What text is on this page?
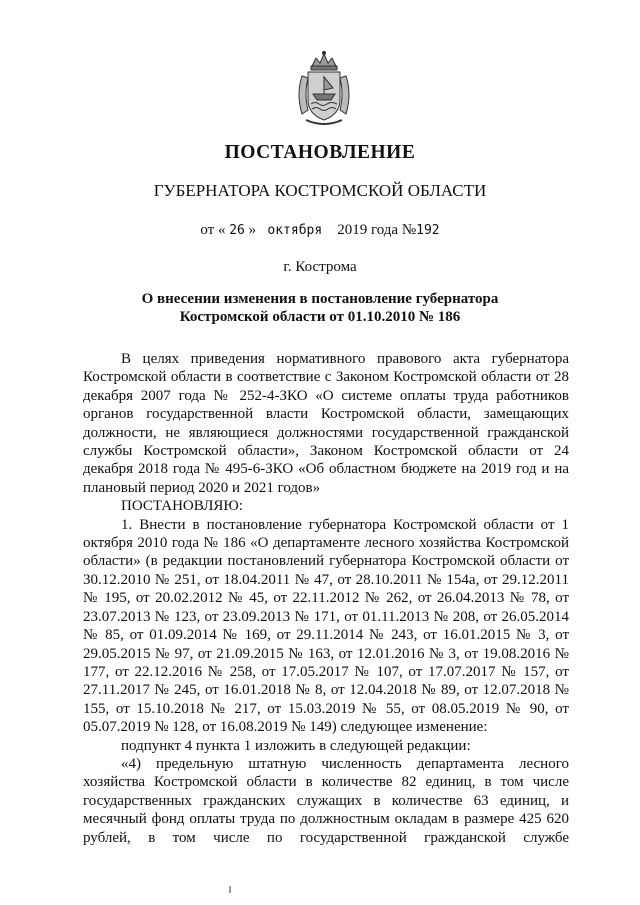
ПОСТАНОВЛЕНИЕ
ГУБЕРНАТОРА КОСТРОМСКОЙ ОБЛАСТИ
от « 26 » октября 2019 года №192
г. Кострома
О внесении изменения в постановление губернатора
Костромской области от 01.10.2010 № 186

В целях приведения нормативного правового акта губернатора Костромской области в соответствие с Законом Костромской области от 28 декабря 2007 года № 252-4-ЗКО «О системе оплаты труда работников органов государственной власти Костромской области, замещающих должности, не являющиеся должностями государственной гражданской службы Костромской области», Законом Костромской области от 24 декабря 2018 года № 495-6-ЗКО «Об областном бюджете на 2019 год и на плановый период 2020 и 2021 годов»

ПОСТАНОВЛЯЮ:

1. Внести в постановление губернатора Костромской области от 1 октября 2010 года № 186 «О департаменте лесного хозяйства Костромской области» (в редакции постановлений губернатора Костромской области от 30.12.2010 № 251, от 18.04.2011 № 47, от 28.10.2011 № 154а, от 29.12.2011 № 195, от 20.02.2012 № 45, от 22.11.2012 № 262, от 26.04.2013 № 78, от 23.07.2013 № 123, от 23.09.2013 № 171, от 01.11.2013 № 208, от 26.05.2014 № 85, от 01.09.2014 № 169, от 29.11.2014 № 243, от 16.01.2015 № 3, от 29.05.2015 № 97, от 21.09.2015 № 163, от 12.01.2016 № 3, от 19.08.2016 № 177, от 22.12.2016 № 258, от 17.05.2017 № 107, от 17.07.2017 № 157, от 27.11.2017 № 245, от 16.01.2018 № 8, от 12.04.2018 № 89, от 12.07.2018 № 155, от 15.10.2018 № 217, от 15.03.2019 № 55, от 08.05.2019 № 90, от 05.07.2019 № 128, от 16.08.2019 № 149) следующее изменение:

подпункт 4 пункта 1 изложить в следующей редакции:

«4) предельную штатную численность департамента лесного хозяйства Костромской области в количестве 82 единиц, в том числе государственных гражданских служащих в количестве 63 единиц, и месячный фонд оплаты труда по должностным окладам в размере 425 620 рублей, в том числе по государственной гражданской службе
